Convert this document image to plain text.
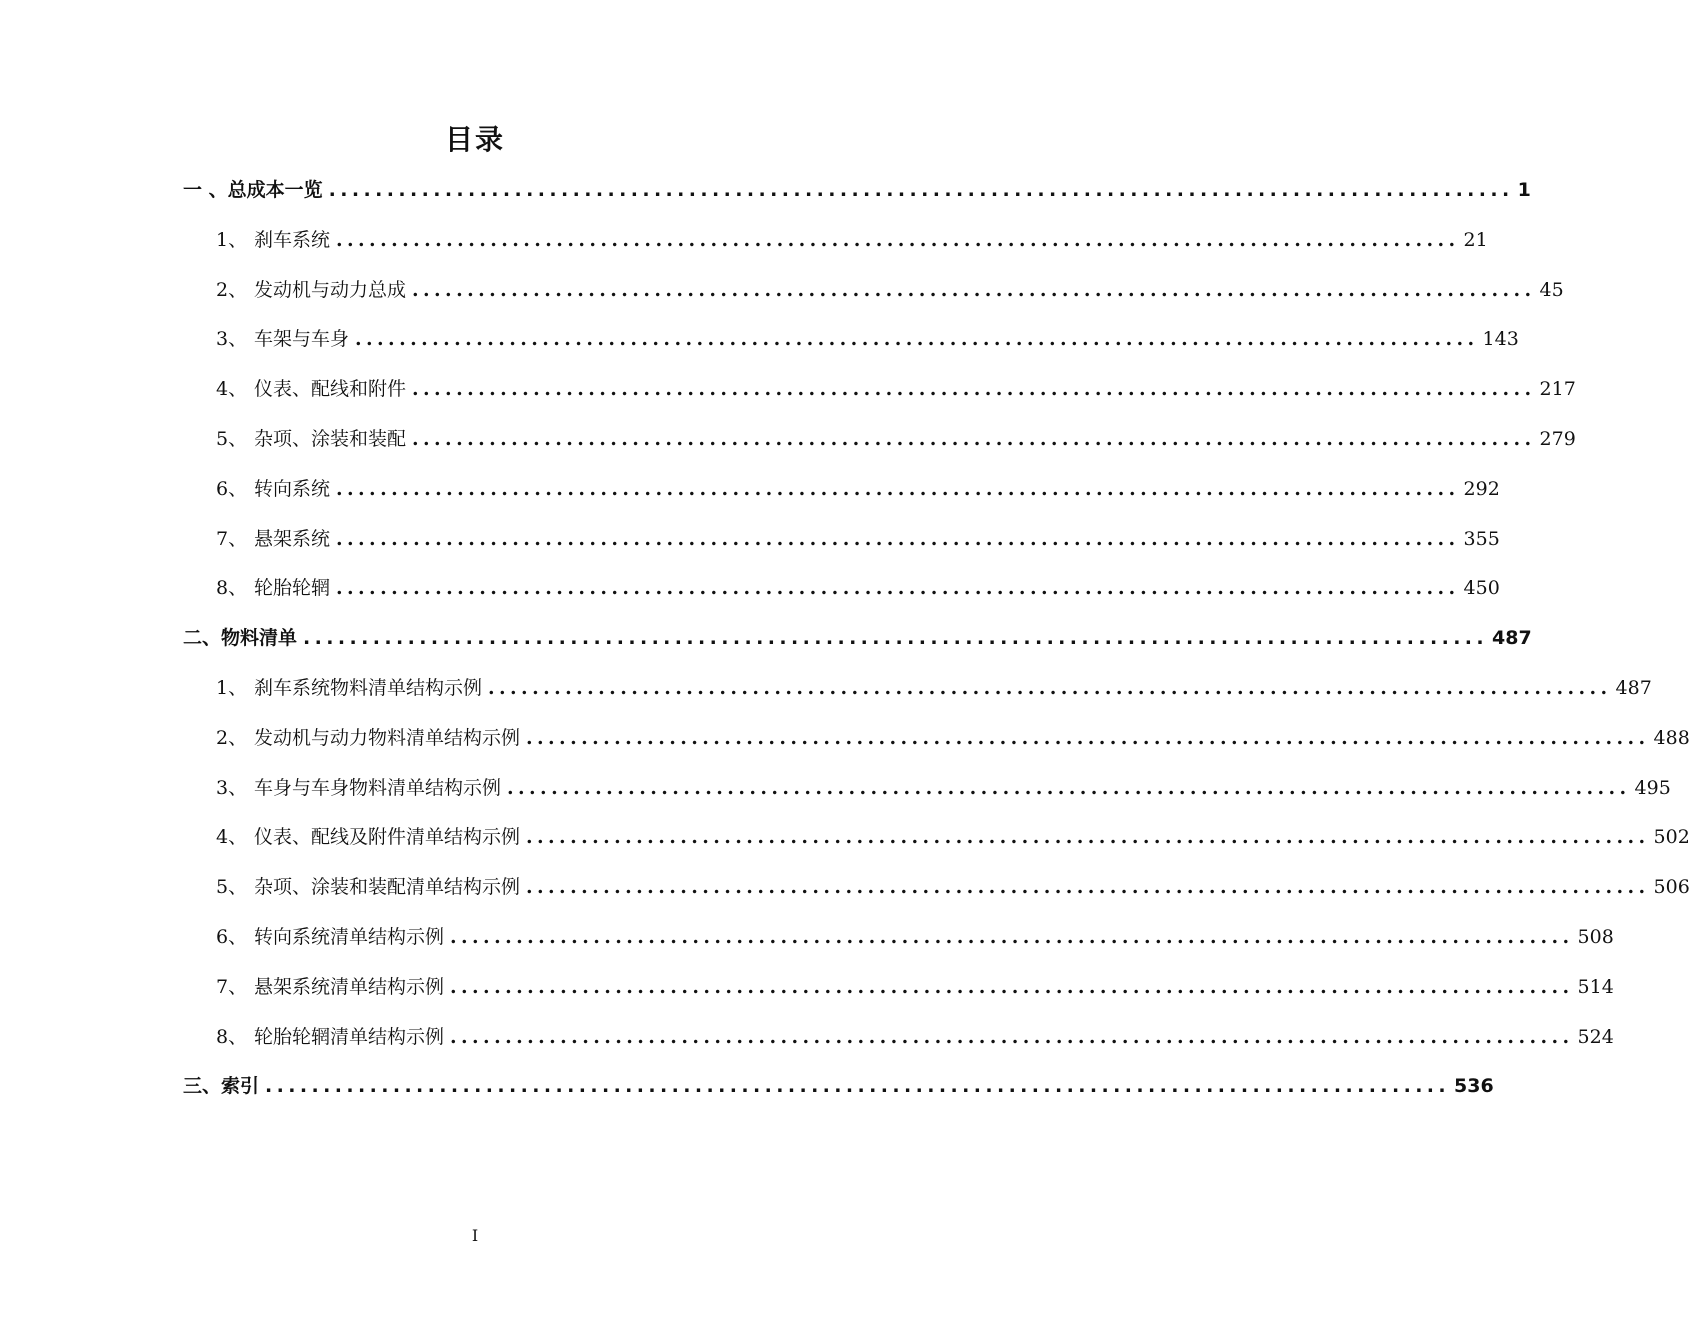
目录
一 、总成本一览 ...................................................................................................... 1
1、 刹车系统 ...................................................................................................... 21
2、 发动机与动力总成 ...................................................................................................... 45
3、 车架与车身 ...................................................................................................... 143
4、 仪表、配线和附件 ...................................................................................................... 217
5、 杂项、涂装和装配 ...................................................................................................... 279
6、 转向系统 ...................................................................................................... 292
7、 悬架系统 ...................................................................................................... 355
8、 轮胎轮辋 ...................................................................................................... 450
二、物料清单 ...................................................................................................... 487
1、 刹车系统物料清单结构示例 ...................................................................................................... 487
2、 发动机与动力物料清单结构示例 ...................................................................................................... 488
3、 车身与车身物料清单结构示例 ...................................................................................................... 495
4、 仪表、配线及附件清单结构示例 ...................................................................................................... 502
5、 杂项、涂装和装配清单结构示例 ...................................................................................................... 506
6、 转向系统清单结构示例 ...................................................................................................... 508
7、 悬架系统清单结构示例 ...................................................................................................... 514
8、 轮胎轮辋清单结构示例 ...................................................................................................... 524
三、索引 ...................................................................................................... 536
I
